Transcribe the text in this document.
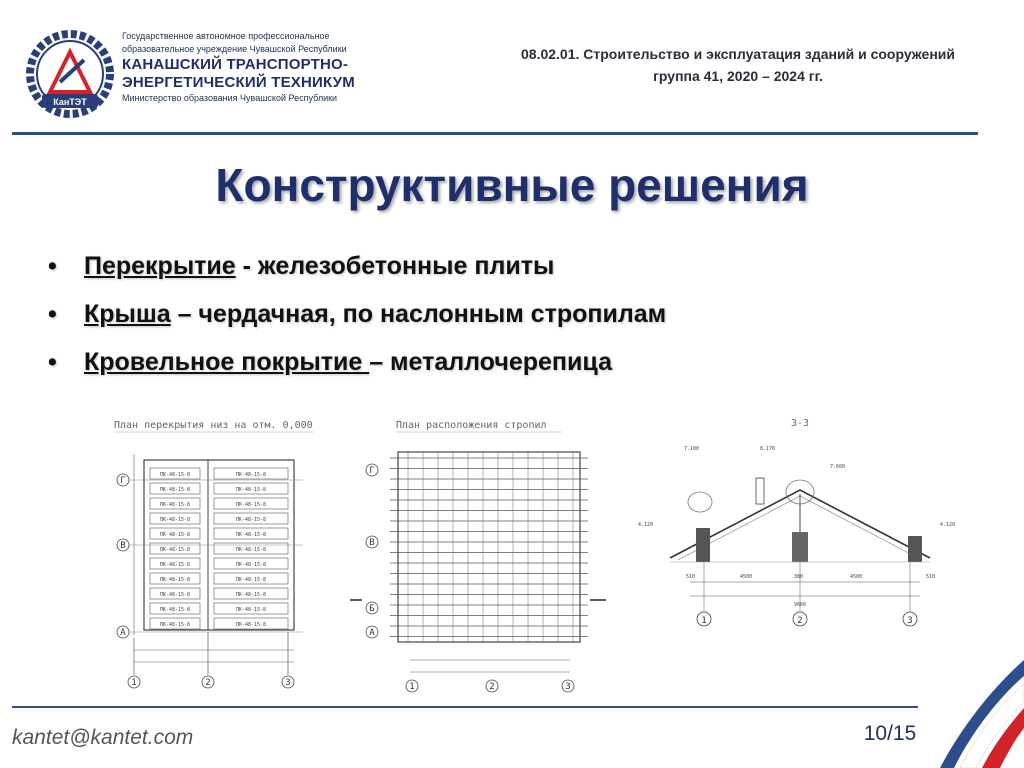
КанТЭТ
Государственное автономное профессиональное
образовательное учреждение Чувашской Республики
КАНАШСКИЙ ТРАНСПОРТНО-
ЭНЕРГЕТИЧЕСКИЙ ТЕХНИКУМ
Министерство образования Чувашской Республики
08.02.01. Строительство и эксплуатация зданий и сооружений
группа 41, 2020 – 2024 гг.
Конструктивные решения
• Перекрытие - железобетонные плиты
• Крыша – чердачная, по наслонным стропилам
• Кровельное покрытие – металлочерепица
План перекрытия низ на отм. 0,000
ПК-48-15-8	ПК-48-15-8
ПК-48-15-8	ПК-48-15-8
ПК-48-15-8	ПК-48-15-8
ПК-48-15-8	ПК-48-15-8
ПК-48-15-8	ПК-48-15-8
ПК-48-15-8	ПК-48-15-8
ПК-48-15-8	ПК-48-15-8
ПК-48-15-8	ПК-48-15-8
ПК-48-15-8	ПК-48-15-8
ПК-48-15-8	ПК-48-15-8
ПК-48-15-8	ПК-48-15-8
Г
В
А
1	2	3
План расположения стропил
Г
В
Б
А
1	2	3
3-3
7.100	8.170
7.600
4.120	4.120
510	4500	380	4500	510
9660
1	2	3
kantet@kantet.com	10/15
